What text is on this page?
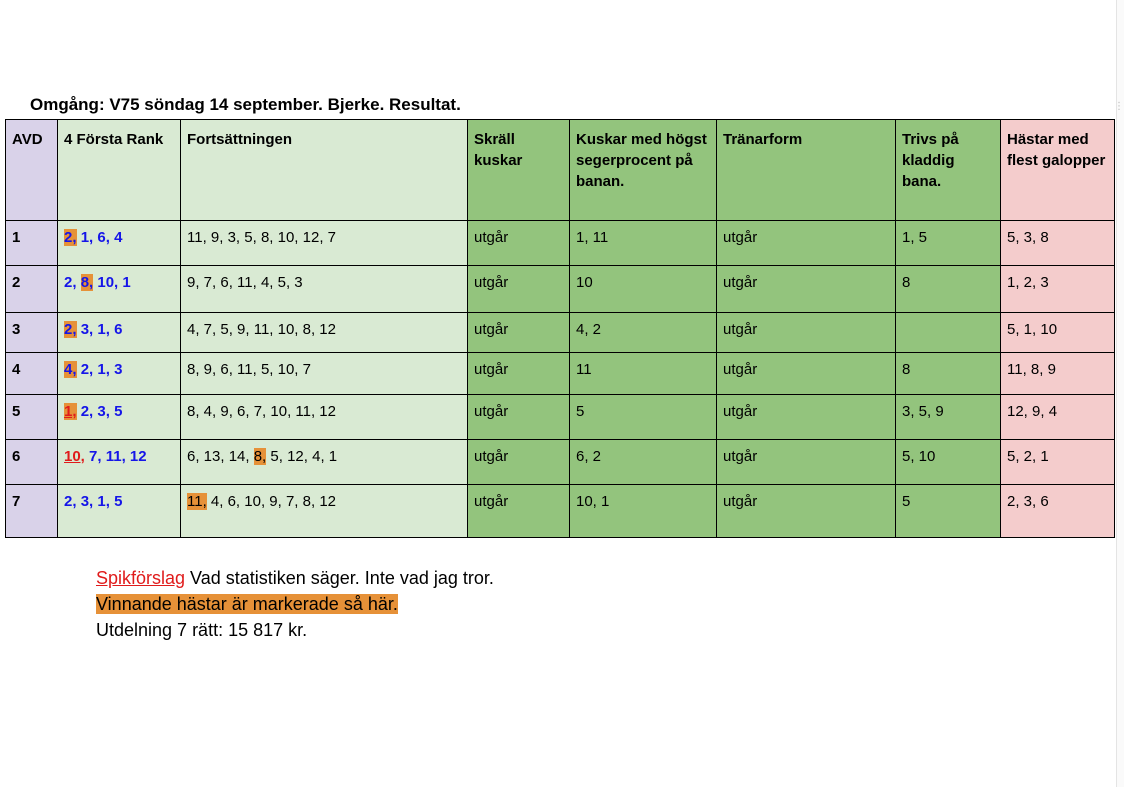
⋮
Omgång: V75 söndag 14 september. Bjerke. Resultat.
AVD	4 Första Rank	Fortsättningen	Skräll kuskar	Kuskar med högst segerprocent på banan.	Tränarform	Trivs på kladdig bana.	Hästar med flest galopper
1	2, 1, 6, 4	11, 9, 3, 5, 8, 10, 12, 7	utgår	1, 11	utgår	1, 5	5, 3, 8
2	2, 8, 10, 1	9, 7, 6, 11, 4, 5, 3	utgår	10	utgår	8	1, 2, 3
3	2, 3, 1, 6	4, 7, 5, 9, 11, 10, 8, 12	utgår	4, 2	utgår		5, 1, 10
4	4, 2, 1, 3	8, 9, 6, 11, 5, 10, 7	utgår	11	utgår	8	11, 8, 9
5	1, 2, 3, 5	8, 4, 9, 6, 7, 10, 11, 12	utgår	5	utgår	3, 5, 9	12, 9, 4
6	10, 7, 11, 12	6, 13, 14, 8, 5, 12, 4, 1	utgår	6, 2	utgår	5, 10	5, 2, 1
7	2, 3, 1, 5	11, 4, 6, 10, 9, 7, 8, 12	utgår	10, 1	utgår	5	2, 3, 6
Spikförslag Vad statistiken säger. Inte vad jag tror.
Vinnande hästar är markerade så här.
Utdelning 7 rätt: 15 817 kr.
